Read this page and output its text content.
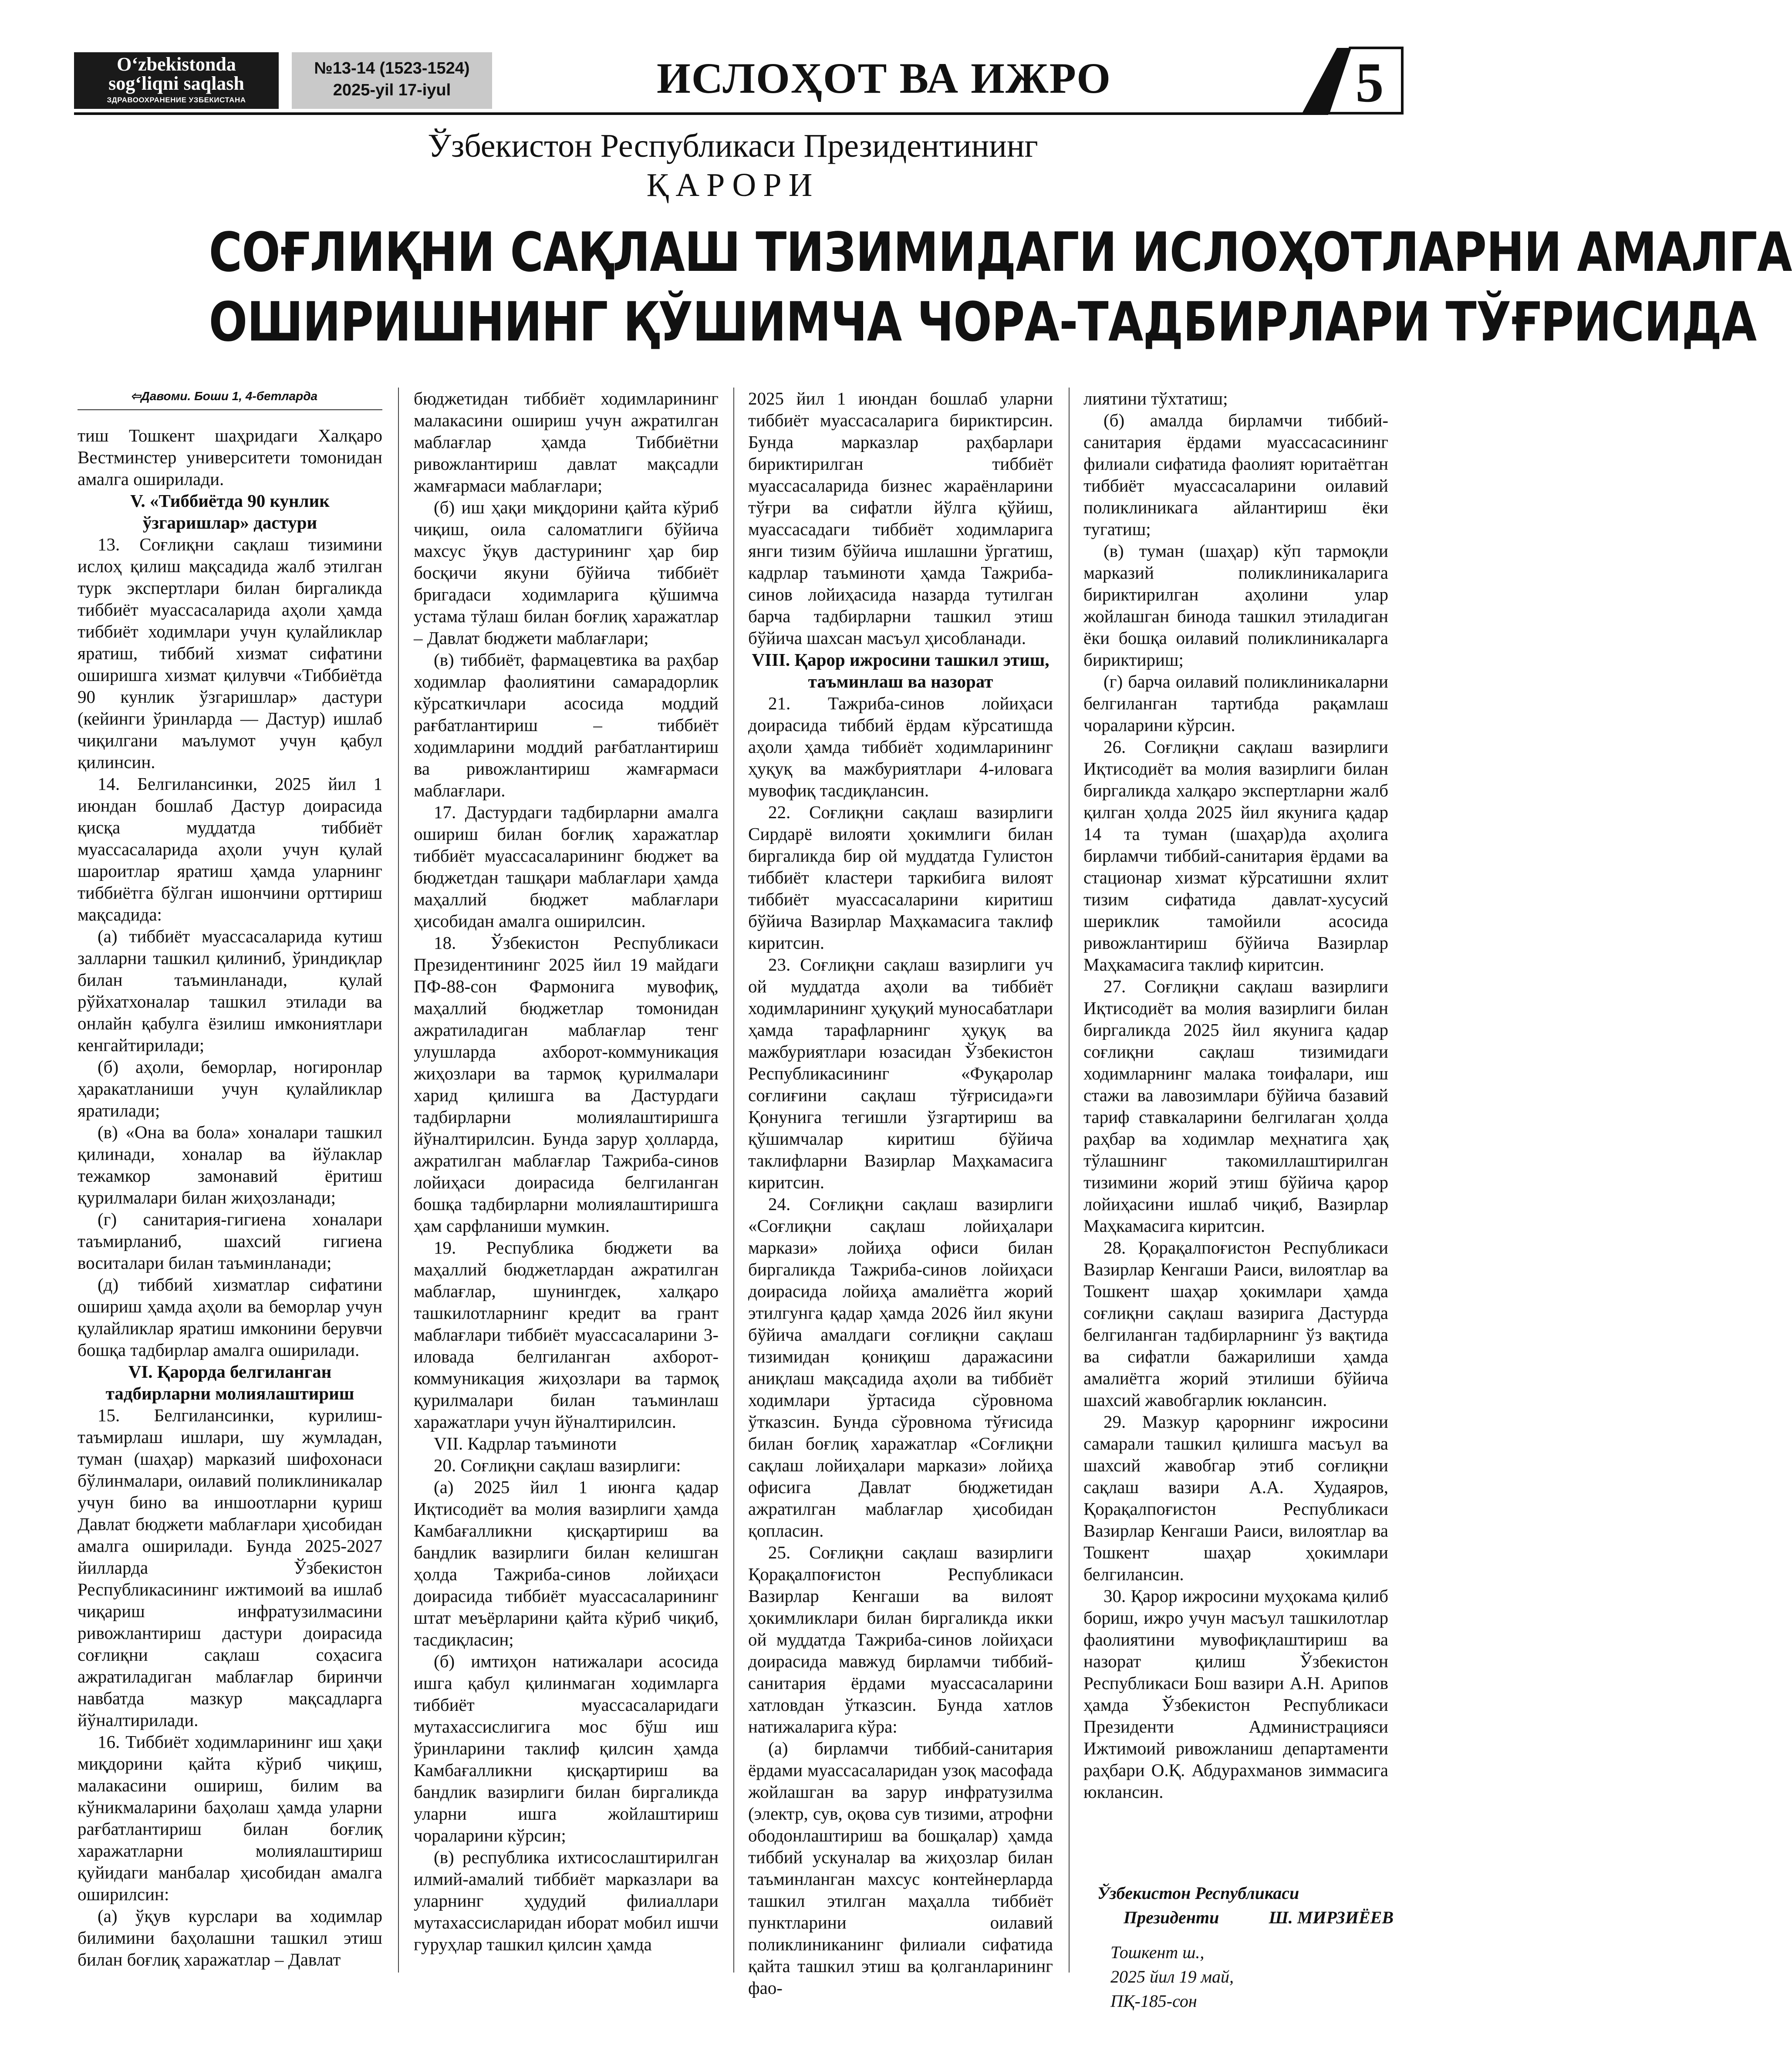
O‘zbekistonda
sog‘liqni saqlash
ЗДРАВООХРАНЕНИЕ УЗБЕКИСТАНА
№13-14 (1523-1524)
2025-yil 17-iyul	ИСЛОҲОТ ВА ИЖРО	5
Ўзбекистон Республикаси Президентининг
ҚАРОРИ
СОҒЛИҚНИ САҚЛАШ ТИЗИМИДАГИ ИСЛОҲОТЛАРНИ АМАЛГА
ОШИРИШНИНГ ҚЎШИМЧА ЧОРА-ТАДБИРЛАРИ ТЎҒРИСИДА
⇦Давоми. Боши 1, 4-бетларда

тиш Тошкент шаҳридаги Халқаро Вестминстер университети томонидан амалга оширилади.

V. «Тиббиётда 90 кунлик ўзгаришлар» дастури

13. Соғлиқни сақлаш тизимини ислоҳ қилиш мақсадида жалб этилган турк экспертлари билан биргаликда тиббиёт муассасаларида аҳоли ҳамда тиббиёт ходимлари учун қулайликлар яратиш, тиббий хизмат сифатини оширишга хизмат қилувчи «Тиббиётда 90 кунлик ўзгаришлар» дастури (кейинги ўринларда — Дастур) ишлаб чиқилгани маълумот учун қабул қилинсин.

14. Белгилансинки, 2025 йил 1 июндан бошлаб Дастур доирасида қисқа муддатда тиббиёт муассасаларида аҳоли учун қулай шароитлар яратиш ҳамда уларнинг тиббиётга бўлган ишончини орттириш мақсадида:

(а) тиббиёт муассасаларида кутиш залларни ташкил қилиниб, ўриндиқлар билан таъминланади, қулай рўйхатхоналар ташкил этилади ва онлайн қабулга ёзилиш имкониятлари кенгайтирилади;

(б) аҳоли, беморлар, ногиронлар ҳаракатланиши учун қулайликлар яратилади;

(в) «Она ва бола» хоналари ташкил қилинади, хоналар ва йўлаклар тежамкор замонавий ёритиш қурилмалари билан жиҳозланади;

(г) санитария-гигиена хоналари таъмирланиб, шахсий гигиена воситалари билан таъминланади;

(д) тиббий хизматлар сифатини ошириш ҳамда аҳоли ва беморлар учун қулайликлар яратиш имконини берувчи бошқа тадбирлар амалга оширилади.

VI. Қарорда белгиланган тадбирларни молиялаштириш

15. Белгилансинки, курилиш-таъмирлаш ишлари, шу жумладан, туман (шаҳар) марказий шифохонаси бўлинмалари, оилавий поликлиникалар учун бино ва иншоотларни қуриш Давлат бюджети маблағлари ҳисобидан амалга оширилади. Бунда 2025-2027 йилларда Ўзбекистон Республикасининг ижтимоий ва ишлаб чиқариш инфратузилмасини ривожлантириш дастури доирасида соғлиқни сақлаш соҳасига ажратиладиган маблағлар биринчи навбатда мазкур мақсадларга йўналтирилади.

16. Тиббиёт ходимларининг иш ҳақи миқдорини қайта кўриб чиқиш, малакасини ошириш, билим ва кўникмаларини баҳолаш ҳамда уларни рағбатлантириш билан боғлиқ харажатларни молиялаштириш қуйидаги манбалар ҳисобидан амалга оширилсин:

(а) ўқув курслари ва ходимлар билимини баҳолашни ташкил этиш билан боғлиқ харажатлар – Давлат

бюджетидан тиббиёт ходимларининг малакасини ошириш учун ажратилган маблағлар ҳамда Тиббиётни ривожлантириш давлат мақсадли жамғармаси маблағлари;

(б) иш ҳақи миқдорини қайта кўриб чиқиш, оила саломатлиги бўйича махсус ўқув дастурининг ҳар бир босқичи якуни бўйича тиббиёт бригадаси ходимларига қўшимча устама тўлаш билан боғлиқ харажатлар – Давлат бюджети маблағлари;

(в) тиббиёт, фармацевтика ва раҳбар ходимлар фаолиятини самарадорлик кўрсаткичлари асосида моддий рағбатлантириш – тиббиёт ходимларини моддий рағбатлантириш ва ривожлантириш жамғармаси маблағлари.

17. Дастурдаги тадбирларни амалга ошириш билан боғлиқ харажатлар тиббиёт муассасаларининг бюджет ва бюджетдан ташқари маблағлари ҳамда маҳаллий бюджет маблағлари ҳисобидан амалга оширилсин.

18. Ўзбекистон Республикаси Президентининг 2025 йил 19 майдаги ПФ-88-сон Фармонига мувофиқ, маҳаллий бюджетлар томонидан ажратиладиган маблағлар тенг улушларда ахборот-коммуникация жиҳозлари ва тармоқ қурилмалари харид қилишга ва Дастурдаги тадбирларни молиялаштиришга йўналтирилсин. Бунда зарур ҳолларда, ажратилган маблағлар Тажриба-синов лойиҳаси доирасида белгиланган бошқа тадбирларни молиялаштиришга ҳам сарфланиши мумкин.

19. Республика бюджети ва маҳаллий бюджетлардан ажратилган маблағлар, шунингдек, халқаро ташкилотларнинг кредит ва грант маблағлари тиббиёт муассасаларини 3-иловада белгиланган ахборот-коммуникация жиҳозлари ва тармоқ қурилмалари билан таъминлаш харажатлари учун йўналтирилсин.

VII. Кадрлар таъминоти

20. Соғлиқни сақлаш вазирлиги:

(а) 2025 йил 1 июнга қадар Иқтисодиёт ва молия вазирлиги ҳамда Камбағалликни қисқартириш ва бандлик вазирлиги билан келишган ҳолда Тажриба-синов лойиҳаси доирасида тиббиёт муассасаларининг штат меъёрларини қайта кўриб чиқиб, тасдиқласин;

(б) имтиҳон натижалари асосида ишга қабул қилинмаган ходимларга тиббиёт муассасаларидаги мутахассислигига мос бўш иш ўринларини таклиф қилсин ҳамда Камбағалликни қисқартириш ва бандлик вазирлиги билан биргаликда уларни ишга жойлаштириш чораларини кўрсин;

(в) республика ихтисослаштирилган илмий-амалий тиббиёт марказлари ва уларнинг ҳудудий филиаллари мутахассисларидан иборат мобил ишчи гуруҳлар ташкил қилсин ҳамда

2025 йил 1 июндан бошлаб уларни тиббиёт муассасаларига бириктирсин. Бунда марказлар раҳбарлари бириктирилган тиббиёт муассасаларида бизнес жараёнларини тўғри ва сифатли йўлга қўйиш, муассасадаги тиббиёт ходимларига янги тизим бўйича ишлашни ўргатиш, кадрлар таъминоти ҳамда Тажриба-синов лойиҳасида назарда тутилган барча тадбирларни ташкил этиш бўйича шахсан масъул ҳисобланади.

VIII. Қарор ижросини ташкил этиш, таъминлаш ва назорат

21. Тажриба-синов лойиҳаси доирасида тиббий ёрдам кўрсатишда аҳоли ҳамда тиббиёт ходимларининг ҳуқуқ ва мажбуриятлари 4-иловага мувофиқ тасдиқлансин.

22. Соғлиқни сақлаш вазирлиги Сирдарё вилояти ҳокимлиги билан биргаликда бир ой муддатда Гулистон тиббиёт кластери таркибига вилоят тиббиёт муассасаларини киритиш бўйича Вазирлар Маҳкамасига таклиф киритсин.

23. Соғлиқни сақлаш вазирлиги уч ой муддатда аҳоли ва тиббиёт ходимларининг ҳуқуқий муносабатлари ҳамда тарафларнинг ҳуқуқ ва мажбуриятлари юзасидан Ўзбекистон Республикасининг «Фуқаролар соғлиғини сақлаш тўғрисида»ги Қонунига тегишли ўзгартириш ва қўшимчалар киритиш бўйича таклифларни Вазирлар Маҳкамасига киритсин.

24. Соғлиқни сақлаш вазирлиги «Соғлиқни сақлаш лойиҳалари маркази» лойиҳа офиси билан биргаликда Тажриба-синов лойиҳаси доирасида лойиҳа амалиётга жорий этилгунга қадар ҳамда 2026 йил якуни бўйича амалдаги соғлиқни сақлаш тизимидан қониқиш даражасини аниқлаш мақсадида аҳоли ва тиббиёт ходимлари ўртасида сўровнома ўтказсин. Бунда сўровнома тўғисида билан боғлиқ харажатлар «Соғлиқни сақлаш лойиҳалари маркази» лойиҳа офисига Давлат бюджетидан ажратилган маблағлар ҳисобидан қопласин.

25. Соғлиқни сақлаш вазирлиги Қорақалпоғистон Республикаси Вазирлар Кенгаши ва вилоят ҳокимликлари билан биргаликда икки ой муддатда Тажриба-синов лойиҳаси доирасида мавжуд бирламчи тиббий-санитария ёрдами муассасаларини хатловдан ўтказсин. Бунда хатлов натижаларига кўра:

(а) бирламчи тиббий-санитария ёрдами муассасаларидан узоқ масофада жойлашган ва зарур инфратузилма (электр, сув, оқова сув тизими, атрофни ободонлаштириш ва бошқалар) ҳамда тиббий ускуналар ва жиҳозлар билан таъминланган махсус контейнерларда ташкил этилган маҳалла тиббиёт пунктларини оилавий поликлиниканинг филиали сифатида қайта ташкил этиш ва қолганларининг фао-

лиятини тўхтатиш;

(б) амалда бирламчи тиббий-санитария ёрдами муассасасининг филиали сифатида фаолият юритаётган тиббиёт муассасаларини оилавий поликлиникага айлантириш ёки тугатиш;

(в) туман (шаҳар) кўп тармоқли марказий поликлиникаларига бириктирилган аҳолини улар жойлашган бинода ташкил этиладиган ёки бошқа оилавий поликлиникаларга бириктириш;

(г) барча оилавий поликлиникаларни белгиланган тартибда рақамлаш чораларини кўрсин.

26. Соғлиқни сақлаш вазирлиги Иқтисодиёт ва молия вазирлиги билан биргаликда халқаро экспертларни жалб қилган ҳолда 2025 йил якунига қадар 14 та туман (шаҳар)да аҳолига бирламчи тиббий-санитария ёрдами ва стационар хизмат кўрсатишни яхлит тизим сифатида давлат-хусусий шериклик тамойили асосида ривожлантириш бўйича Вазирлар Маҳкамасига таклиф киритсин.

27. Соғлиқни сақлаш вазирлиги Иқтисодиёт ва молия вазирлиги билан биргаликда 2025 йил якунига қадар соғлиқни сақлаш тизимидаги ходимларнинг малака тоифалари, иш стажи ва лавозимлари бўйича базавий тариф ставкаларини белгилаган ҳолда раҳбар ва ходимлар меҳнатига ҳақ тўлашнинг такомиллаштирилган тизимини жорий этиш бўйича қарор лойиҳасини ишлаб чиқиб, Вазирлар Маҳкамасига киритсин.

28. Қорақалпоғистон Республикаси Вазирлар Кенгаши Раиси, вилоятлар ва Тошкент шаҳар ҳокимлари ҳамда соғлиқни сақлаш вазирига Дастурда белгиланган тадбирларнинг ўз вақтида ва сифатли бажарилиши ҳамда амалиётга жорий этилиши бўйича шахсий жавобгарлик юклансин.

29. Мазкур қарорнинг ижросини самарали ташкил қилишга масъул ва шахсий жавобгар этиб соғлиқни сақлаш вазири А.А. Худаяров, Қорақалпоғистон Республикаси Вазирлар Кенгаши Раиси, вилоятлар ва Тошкент шаҳар ҳокимлари белгилансин.

30. Қарор ижросини муҳокама қилиб бориш, ижро учун масъул ташкилотлар фаолиятини мувофиқлаштириш ва назорат қилиш Ўзбекистон Республикаси Бош вазири А.Н. Арипов ҳамда Ўзбекистон Республикаси Президенти Администрацияси Ижтимоий ривожланиш департаменти раҳбари О.Қ. Абдурахманов зиммасига юклансин.

Ўзбекистон Республикаси
Президенти	Ш. МИРЗИЁЕВ
Тошкент ш.,
2025 йил 19 май,
ПҚ-185-сон
